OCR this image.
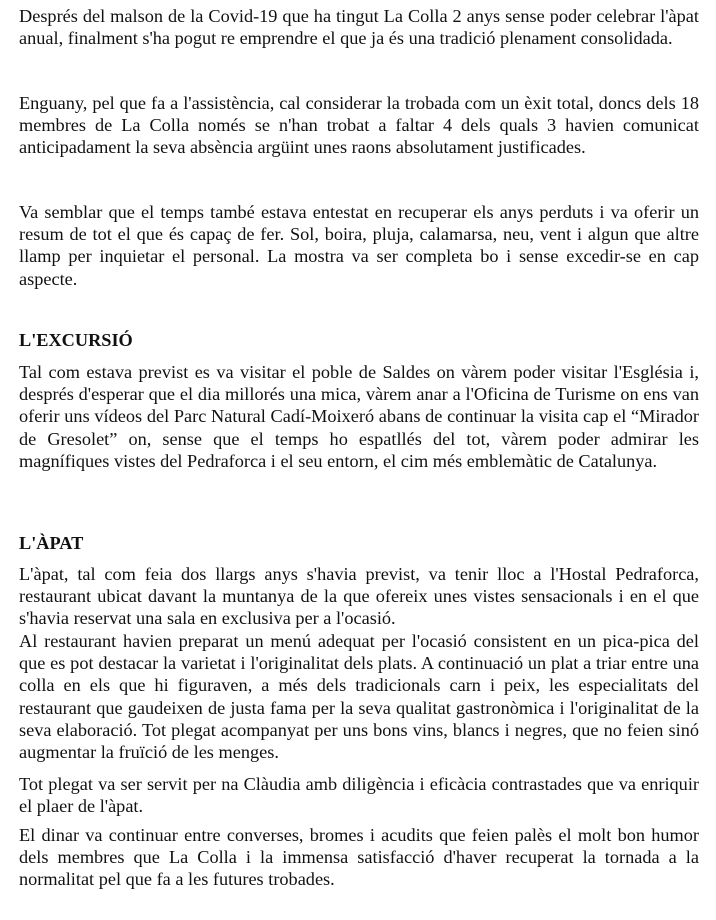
Després del malson de la Covid-19 que ha tingut La Colla 2 anys sense poder celebrar l'àpat anual, finalment s'ha pogut re emprendre el que ja és una tradició plenament consolidada.

Enguany, pel que fa a l'assistència, cal considerar la trobada com un èxit total, doncs dels 18 membres de La Colla només se n'han trobat a faltar 4 dels quals 3 havien comunicat anticipadament la seva absència argüint unes raons absolutament justificades.

Va semblar que el temps també estava entestat en recuperar els anys perduts i va oferir un resum de tot el que és capaç de fer. Sol, boira, pluja, calamarsa, neu, vent i algun que altre llamp per inquietar el personal. La mostra va ser completa bo i sense excedir-se en cap aspecte.

L'EXCURSIÓ

Tal com estava previst es va visitar el poble de Saldes on vàrem poder visitar l'Església i, després d'esperar que el dia millorés una mica, vàrem anar a l'Oficina de Turisme on ens van oferir uns vídeos del Parc Natural Cadí-Moixeró abans de continuar la visita cap el “Mirador de Gresolet” on, sense que el temps ho espatllés del tot, vàrem poder admirar les magnífiques vistes del Pedraforca i el seu entorn, el cim més emblemàtic de Catalunya.

L'ÀPAT

L'àpat, tal com feia dos llargs anys s'havia previst, va tenir lloc a l'Hostal Pedraforca, restaurant ubicat davant la muntanya de la que ofereix unes vistes sensacionals i en el que s'havia reservat una sala en exclusiva per a l'ocasió.

Al restaurant havien preparat un menú adequat per l'ocasió consistent en un pica-pica del que es pot destacar la varietat i l'originalitat dels plats. A continuació un plat a triar entre una colla en els que hi figuraven, a més dels tradicionals carn i peix, les especialitats del restaurant que gaudeixen de justa fama per la seva qualitat gastronòmica i l'originalitat de la seva elaboració. Tot plegat acompanyat per uns bons vins, blancs i negres, que no feien sinó augmentar la fruïció de les menges.

Tot plegat va ser servit per na Clàudia amb diligència i eficàcia contrastades que va enriquir el plaer de l'àpat.

El dinar va continuar entre converses, bromes i acudits que feien palès el molt bon humor dels membres que La Colla i la immensa satisfacció d'haver recuperat la tornada a la normalitat pel que fa a les futures trobades.
